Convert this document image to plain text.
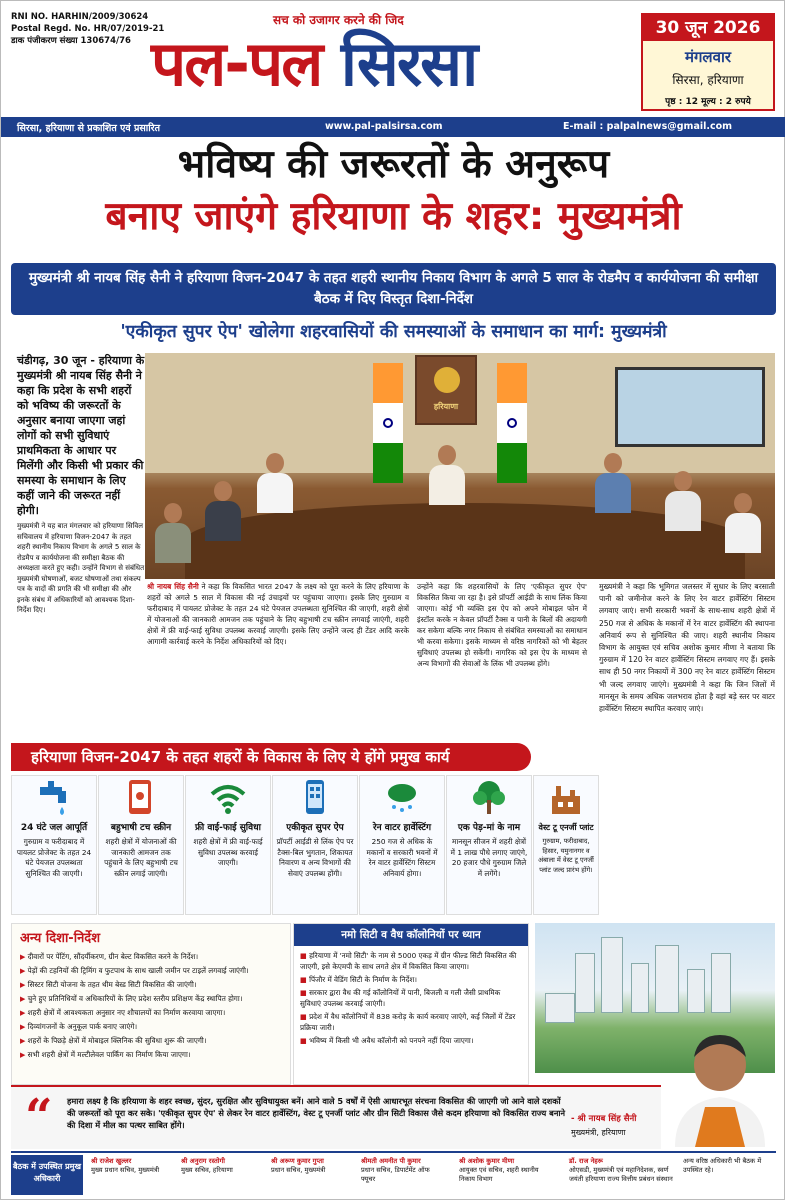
RNI NO. HARHIN/2009/30624
Postal Regd. No. HR/07/2019-21
डाक पंजीकरण संख्या 130674/76
सच को उजागर करने की जिद
पल-पल सिरसा	30 जून 2026
मंगलवार
सिरसा, हरियाणा
पृष्ठ : 12 मूल्य : 2 रुपये
सिरसा, हरियाणा से प्रकाशित एवं प्रसारित	www.pal-palsirsa.com	E-mail : palpalnews@gmail.com
भविष्य की जरूरतों के अनुरूप
बनाए जाएंगे हरियाणा के शहर: मुख्यमंत्री
मुख्यमंत्री श्री नायब सिंह सैनी ने हरियाणा विजन-2047 के तहत शहरी स्थानीय निकाय विभाग के अगले 5 साल के रोडमैप व कार्ययोजना की समीक्षा बैठक में दिए विस्तृत दिशा-निर्देश
'एकीकृत सुपर ऐप' खोलेगा शहरवासियों की समस्याओं के समाधान का मार्ग: मुख्यमंत्री
चंडीगढ़, 30 जून - हरियाणा के मुख्यमंत्री श्री नायब सिंह सैनी ने कहा कि प्रदेश के सभी शहरों को भविष्य की जरूरतों के अनुसार बनाया जाएगा जहां लोगों को सभी सुविधाएं प्राथमिकता के आधार पर मिलेंगी और किसी भी प्रकार की समस्या के समाधान के लिए कहीं जाने की जरूरत नहीं होगी।
मुख्यमंत्री ने यह बात मंगलवार को हरियाणा सिविल सचिवालय में हरियाणा विजन-2047 के तहत शहरी स्थानीय निकाय विभाग के अगले 5 साल के रोडमैप व कार्ययोजना की समीक्षा बैठक की अध्यक्षता करते हुए कही। उन्होंने विभाग से संबंधित मुख्यमंत्री घोषणाओं, बजट घोषणाओं तथा संकल्प पत्र के वादों की प्रगति की भी समीक्षा की और इनके संबंध में अधिकारियों को आवश्यक दिशा-निर्देश दिए।
हरियाणा
श्री नायब सिंह सैनी ने कहा कि विकसित भारत 2047 के लक्ष्य को पूरा करने के लिए हरियाणा के शहरों को अगले 5 साल में विकास की नई उंचाइयों पर पहुंचाया जाएगा। इसके लिए गुरुग्राम व फरीदाबाद में पायलट प्रोजेक्ट के तहत 24 घंटे पेयजल उपलब्धता सुनिश्चित की जाएगी, शहरी क्षेत्रों में योजनाओं की जानकारी आमजन तक पहुंचाने के लिए बहुभाषी टच स्क्रीन लगवाई जाएंगी, शहरी क्षेत्रों में फ्री वाई-फाई सुविधा उपलब्ध करवाई जाएगी। इसके लिए उन्होंने जल्द ही टेंडर आदि करके आगामी कार्रवाई करने के निर्देश अधिकारियों को दिए।
उन्होंने कहा कि शहरवासियों के लिए 'एकीकृत सुपर ऐप' विकसित किया जा रहा है। इसे प्रॉपर्टी आईडी के साथ लिंक किया जाएगा। कोई भी व्यक्ति इस ऐप को अपने मोबाइल फोन में इंस्टॉल करके न केवल प्रॉपर्टी टैक्स व पानी के बिलों की अदायगी कर सकेगा बल्कि नगर निकाय से संबंधित समस्याओं का समाधान भी करवा सकेगा। इसके माध्यम से वरिष्ठ नागरिकों को भी बेहतर सुविधाएं उपलब्ध हो सकेंगी। नागरिक को इस ऐप के माध्यम से अन्य विभागों की सेवाओं के लिंक भी उपलब्ध होंगे।
मुख्यमंत्री ने कहा कि भूमिगत जलस्तर में सुधार के लिए बरसाती पानी को जमीनोज करने के लिए रेन वाटर हार्वेस्टिंग सिस्टम लगवाए जाएं। सभी सरकारी भवनों के साथ-साथ शहरी क्षेत्रों में 250 गज से अधिक के मकानों में रेन वाटर हार्वेस्टिंग की स्थापना अनिवार्य रूप से सुनिश्चित की जाए। शहरी स्थानीय निकाय विभाग के आयुक्त एवं सचिव अशोक कुमार मीणा ने बताया कि गुरुग्राम में 120 रेन वाटर हार्वेस्टिंग सिस्टम लगवाए गए हैं। इसके साथ ही 50 नगर निकायों में 300 नए रेन वाटर हार्वेस्टिंग सिस्टम भी जल्द लगवाए जाएंगे। मुख्यमंत्री ने कहा कि जिन जिलों में मानसून के समय अधिक जलभराव होता है वहां बड़े स्तर पर वाटर हार्वेस्टिंग सिस्टम स्थापित करवाए जाएं।
हरियाणा विजन-2047 के तहत शहरों के विकास के लिए ये होंगे प्रमुख कार्य
24 घंटे जल आपूर्ति
गुरुग्राम व फरीदाबाद में पायलट प्रोजेक्ट के तहत 24 घंटे पेयजल उपलब्धता सुनिश्चित की जाएगी।
बहुभाषी टच स्क्रीन
शहरी क्षेत्रों में योजनाओं की जानकारी आमजन तक पहुंचाने के लिए बहुभाषी टच स्क्रीन लगाई जाएंगी।
फ्री वाई-फाई सुविधा
शहरी क्षेत्रों में फ्री वाई-फाई सुविधा उपलब्ध करवाई जाएगी।
एकीकृत सुपर ऐप
प्रॉपर्टी आईडी से लिंक ऐप पर टैक्स-बिल भुगतान, शिकायत निवारण व अन्य विभागों की सेवाएं उपलब्ध होंगी।
रेन वाटर हार्वेस्टिंग
250 गज से अधिक के मकानों व सरकारी भवनों में रेन वाटर हार्वेस्टिंग सिस्टम अनिवार्य होगा।
एक पेड़-मां के नाम
मानसून सीजन में शहरी क्षेत्रों में 1 लाख पौधे लगाए जाएंगे, 20 हजार पौधे गुरुग्राम जिले में लगेंगे।
वेस्ट टू एनर्जी प्लांट
गुरुग्राम, फरीदाबाद, हिसार, यमुनानगर व अंबाला में वेस्ट टू एनर्जी प्लांट जल्द प्रारंभ होंगे।
अन्य दिशा-निर्देश
▶ दीवारों पर पेंटिंग, सौंदर्यीकरण, ग्रीन बेल्ट विकसित करने के निर्देश।
▶ पेड़ों की टहनियों की ट्रिमिंग व फुटपाथ के साथ खाली जमीन पर टाइलें लगवाई जाएंगी।
▶ सिस्टर सिटी योजना के तहत थीम बेस्ड सिटी विकसित की जाएंगी।
▶ चुने हुए प्रतिनिधियों व अधिकारियों के लिए प्रदेश स्तरीय प्रशिक्षण केंद्र स्थापित होगा।
▶ शहरी क्षेत्रों में आवश्यकता अनुसार नए शौचालयों का निर्माण करवाया जाएगा।
▶ दिव्यांगजनों के अनुकूल पार्क बनाए जाएंगे।
▶ शहरों के पिछड़े क्षेत्रों में मोबाइल क्लिनिक की सुविधा शुरू की जाएगी।
▶ सभी शहरी क्षेत्रों में मल्टीलेवल पार्किंग का निर्माण किया जाएगा।
नमो सिटी व वैध कॉलोनियों पर ध्यान
■ हरियाणा में 'नमो सिटी' के नाम से 5000 एकड़ में ग्रीन फील्ड सिटी विकसित की जाएगी, इसे केएमपी के साथ लगते क्षेत्र में विकसित किया जाएगा।
■ पिंजौर में वेडिंग सिटी के निर्माण के निर्देश।
■ सरकार द्वारा वैध की गई कॉलोनियों में पानी, बिजली व गली जैसी प्राथमिक सुविधाएं उपलब्ध करवाई जाएंगी।
■ प्रदेश में वैध कॉलोनियों में 838 करोड़ के कार्य करवाए जाएंगे, कई जिलों में टेंडर प्रक्रिया जारी।
■ भविष्य में किसी भी अवैध कॉलोनी को पनपने नहीं दिया जाएगा।
“ हमारा लक्ष्य है कि हरियाणा के शहर स्वच्छ, सुंदर, सुरक्षित और सुविधायुक्त बनें। आने वाले 5 वर्षों में ऐसी आधारभूत संरचना विकसित की जाएगी जो आने वाले दशकों की जरूरतों को पूरा कर सके। 'एकीकृत सुपर ऐप' से लेकर रेन वाटर हार्वेस्टिंग, वेस्ट टू एनर्जी प्लांट और ग्रीन सिटी विकास जैसे कदम हरियाणा को विकसित राज्य बनाने की दिशा में मील का पत्थर साबित होंगे।
- श्री नायब सिंह सैनी
मुख्यमंत्री, हरियाणा
बैठक में उपस्थित प्रमुख अधिकारी
श्री राजेश खुल्लर
मुख्य प्रधान सचिव, मुख्यमंत्री
श्री अनुराग रस्तोगी
मुख्य सचिव, हरियाणा
श्री अरूण कुमार गुप्ता
प्रधान सचिव, मुख्यमंत्री
श्रीमती अमनीत पी कुमार
प्रधान सचिव, डिपार्टमेंट ऑफ फ्यूचर
श्री अशोक कुमार मीणा
आयुक्त एवं सचिव, शहरी स्थानीय निकाय विभाग
डॉ. राज नेहरू
ओएसडी, मुख्यमंत्री एवं महानिदेशक, स्वर्ण जयंती हरियाणा राज्य वित्तीय प्रबंधन संस्थान
अन्य वरिष्ठ अधिकारी भी बैठक में उपस्थित रहे।
